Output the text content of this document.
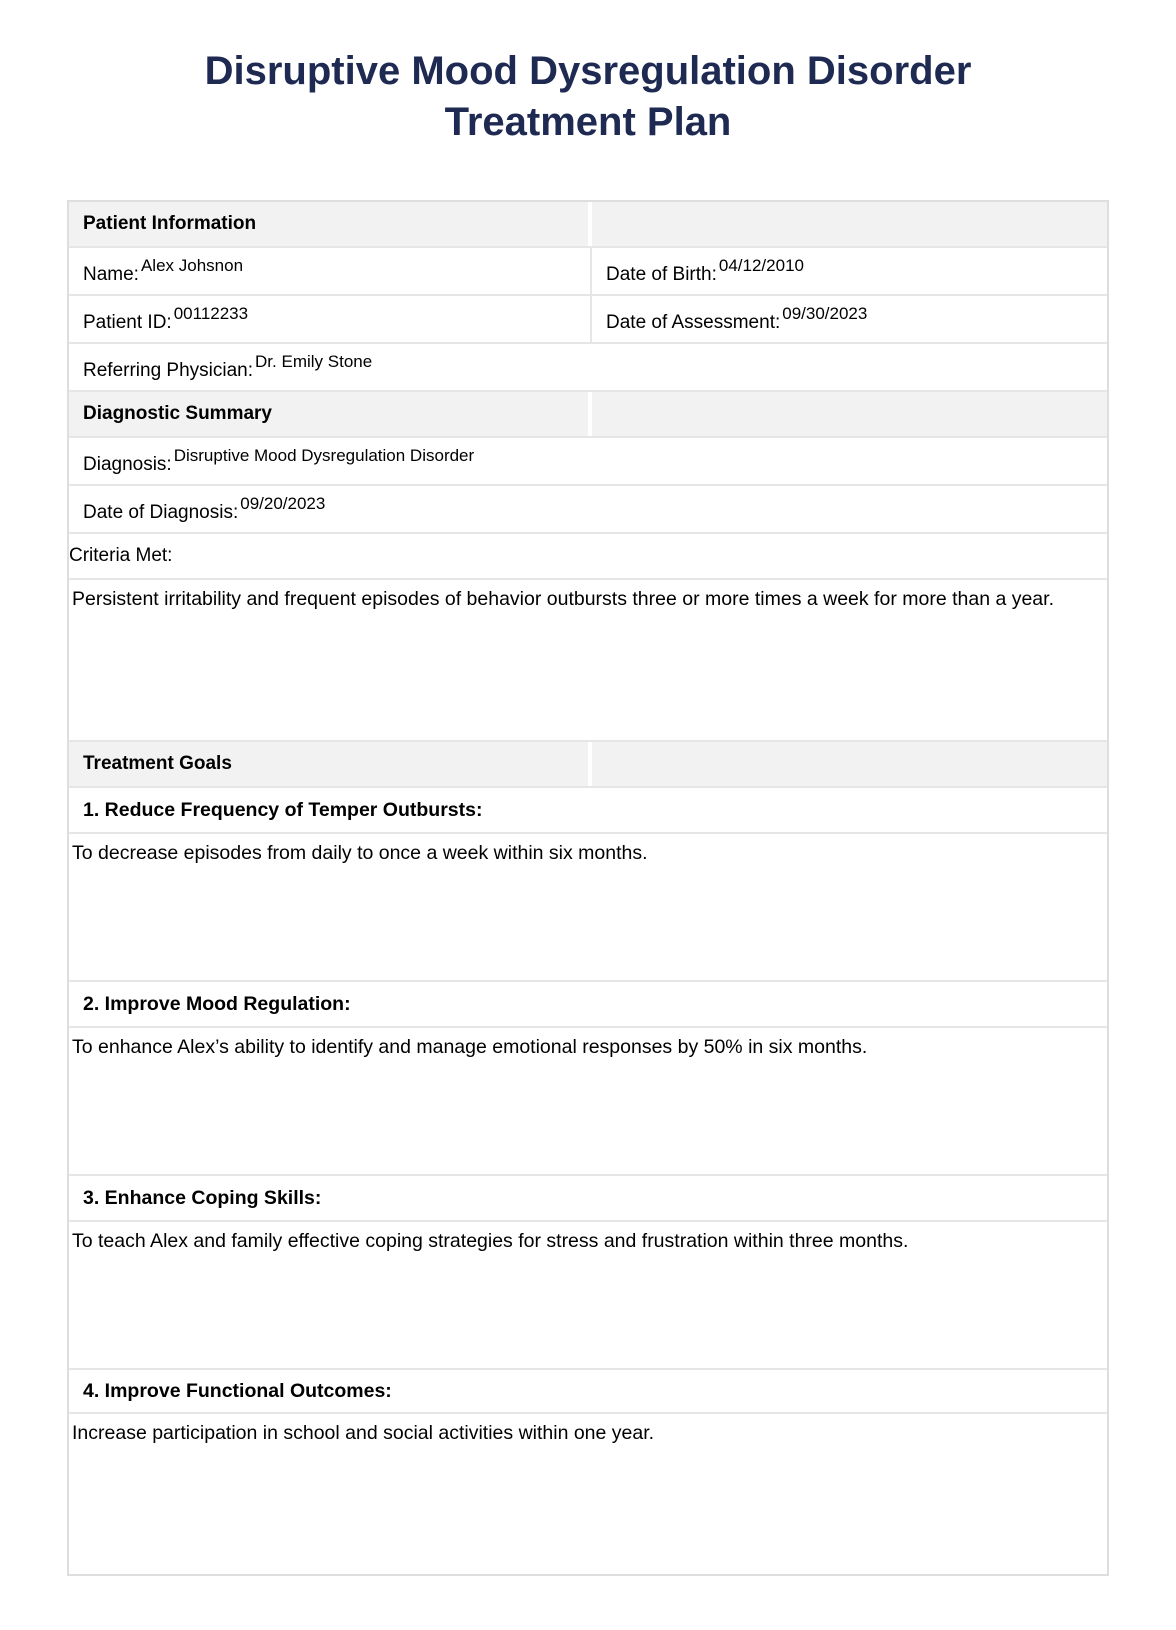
Disruptive Mood Dysregulation Disorder
Treatment Plan
Patient Information
Name: Alex Johsnon	Date of Birth: 04/12/2010
Patient ID: 00112233	Date of Assessment: 09/30/2023
Referring Physician: Dr. Emily Stone
Diagnostic Summary
Diagnosis: Disruptive Mood Dysregulation Disorder
Date of Diagnosis: 09/20/2023
Criteria Met:
Persistent irritability and frequent episodes of behavior outbursts three or more times a week for more than a year.
Treatment Goals
1. Reduce Frequency of Temper Outbursts:
To decrease episodes from daily to once a week within six months.
2. Improve Mood Regulation:
To enhance Alex’s ability to identify and manage emotional responses by 50% in six months.
3. Enhance Coping Skills:
To teach Alex and family effective coping strategies for stress and frustration within three months.
4. Improve Functional Outcomes:
Increase participation in school and social activities within one year.
